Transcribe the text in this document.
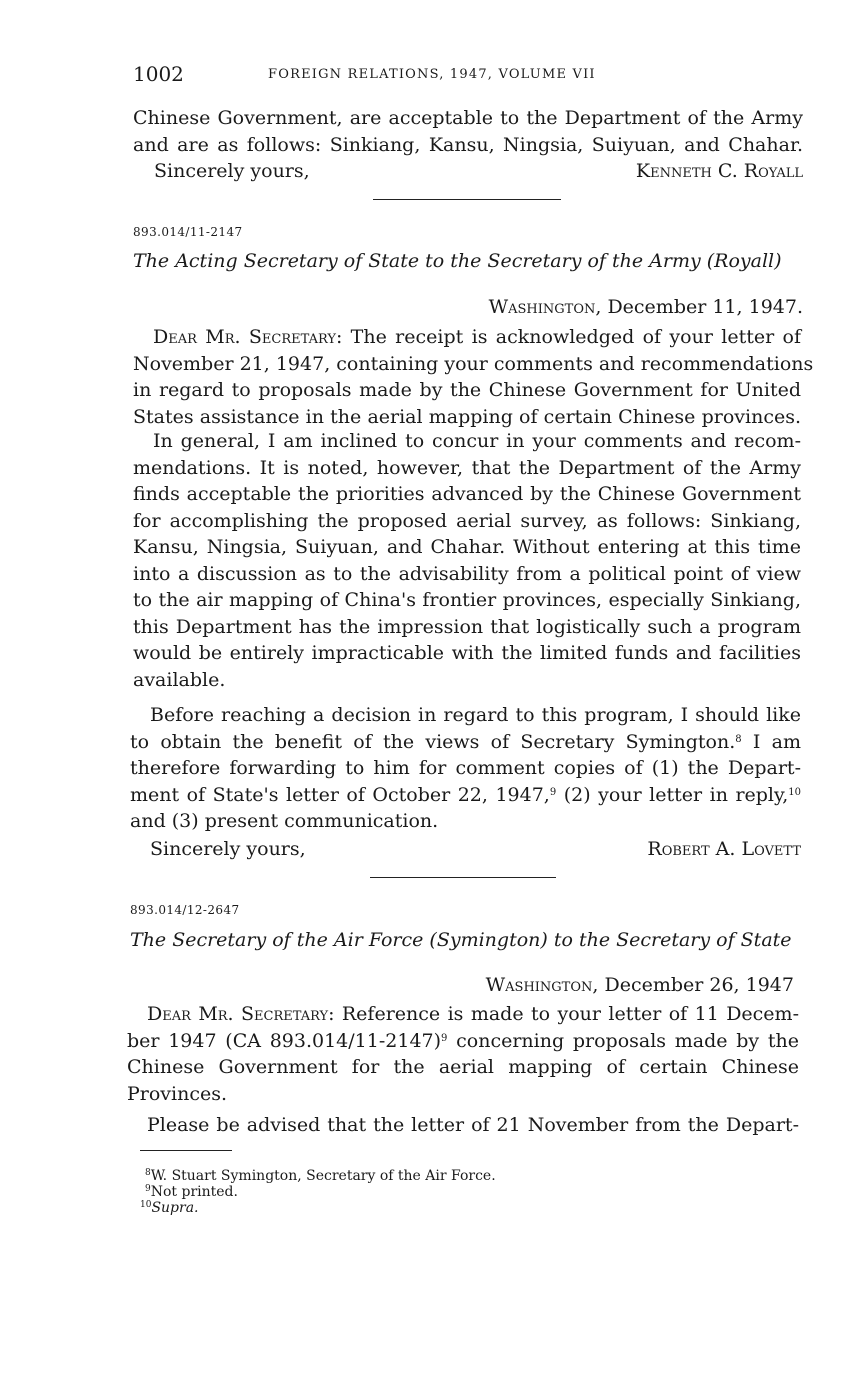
1002	FOREIGN RELATIONS, 1947, VOLUME VII
Chinese Government, are acceptable to the Department of the Army
and are as follows: Sinkiang, Kansu, Ningsia, Suiyuan, and Chahar.
Sincerely yours,	Kenneth C. Royall
893.014/11-2147
The Acting Secretary of State to the Secretary of the Army (Royall)
Washington, December 11, 1947.
Dear Mr. Secretary: The receipt is acknowledged of your letter of
November 21, 1947, containing your comments and recommendations
in regard to proposals made by the Chinese Government for United
States assistance in the aerial mapping of certain Chinese provinces.
In general, I am inclined to concur in your comments and recom-
mendations. It is noted, however, that the Department of the Army
finds acceptable the priorities advanced by the Chinese Government
for accomplishing the proposed aerial survey, as follows: Sinkiang,
Kansu, Ningsia, Suiyuan, and Chahar. Without entering at this time
into a discussion as to the advisability from a political point of view
to the air mapping of China's frontier provinces, especially Sinkiang,
this Department has the impression that logistically such a program
would be entirely impracticable with the limited funds and facilities
available.
Before reaching a decision in regard to this program, I should like
to obtain the benefit of the views of Secretary Symington.$^8$ I am
therefore forwarding to him for comment copies of (1) the Depart-
ment of State's letter of October 22, 1947,$^9$ (2) your letter in reply,$^{10}$
and (3) present communication.
Sincerely yours,	Robert A. Lovett
893.014/12-2647
The Secretary of the Air Force (Symington) to the Secretary of State
Washington, December 26, 1947
Dear Mr. Secretary: Reference is made to your letter of 11 Decem-
ber 1947 (CA 893.014/11-2147)$^9$ concerning proposals made by the
Chinese Government for the aerial mapping of certain Chinese
Provinces.
Please be advised that the letter of 21 November from the Depart-
$^8$W. Stuart Symington, Secretary of the Air Force.
$^9$Not printed.
$^{10}$Supra.
